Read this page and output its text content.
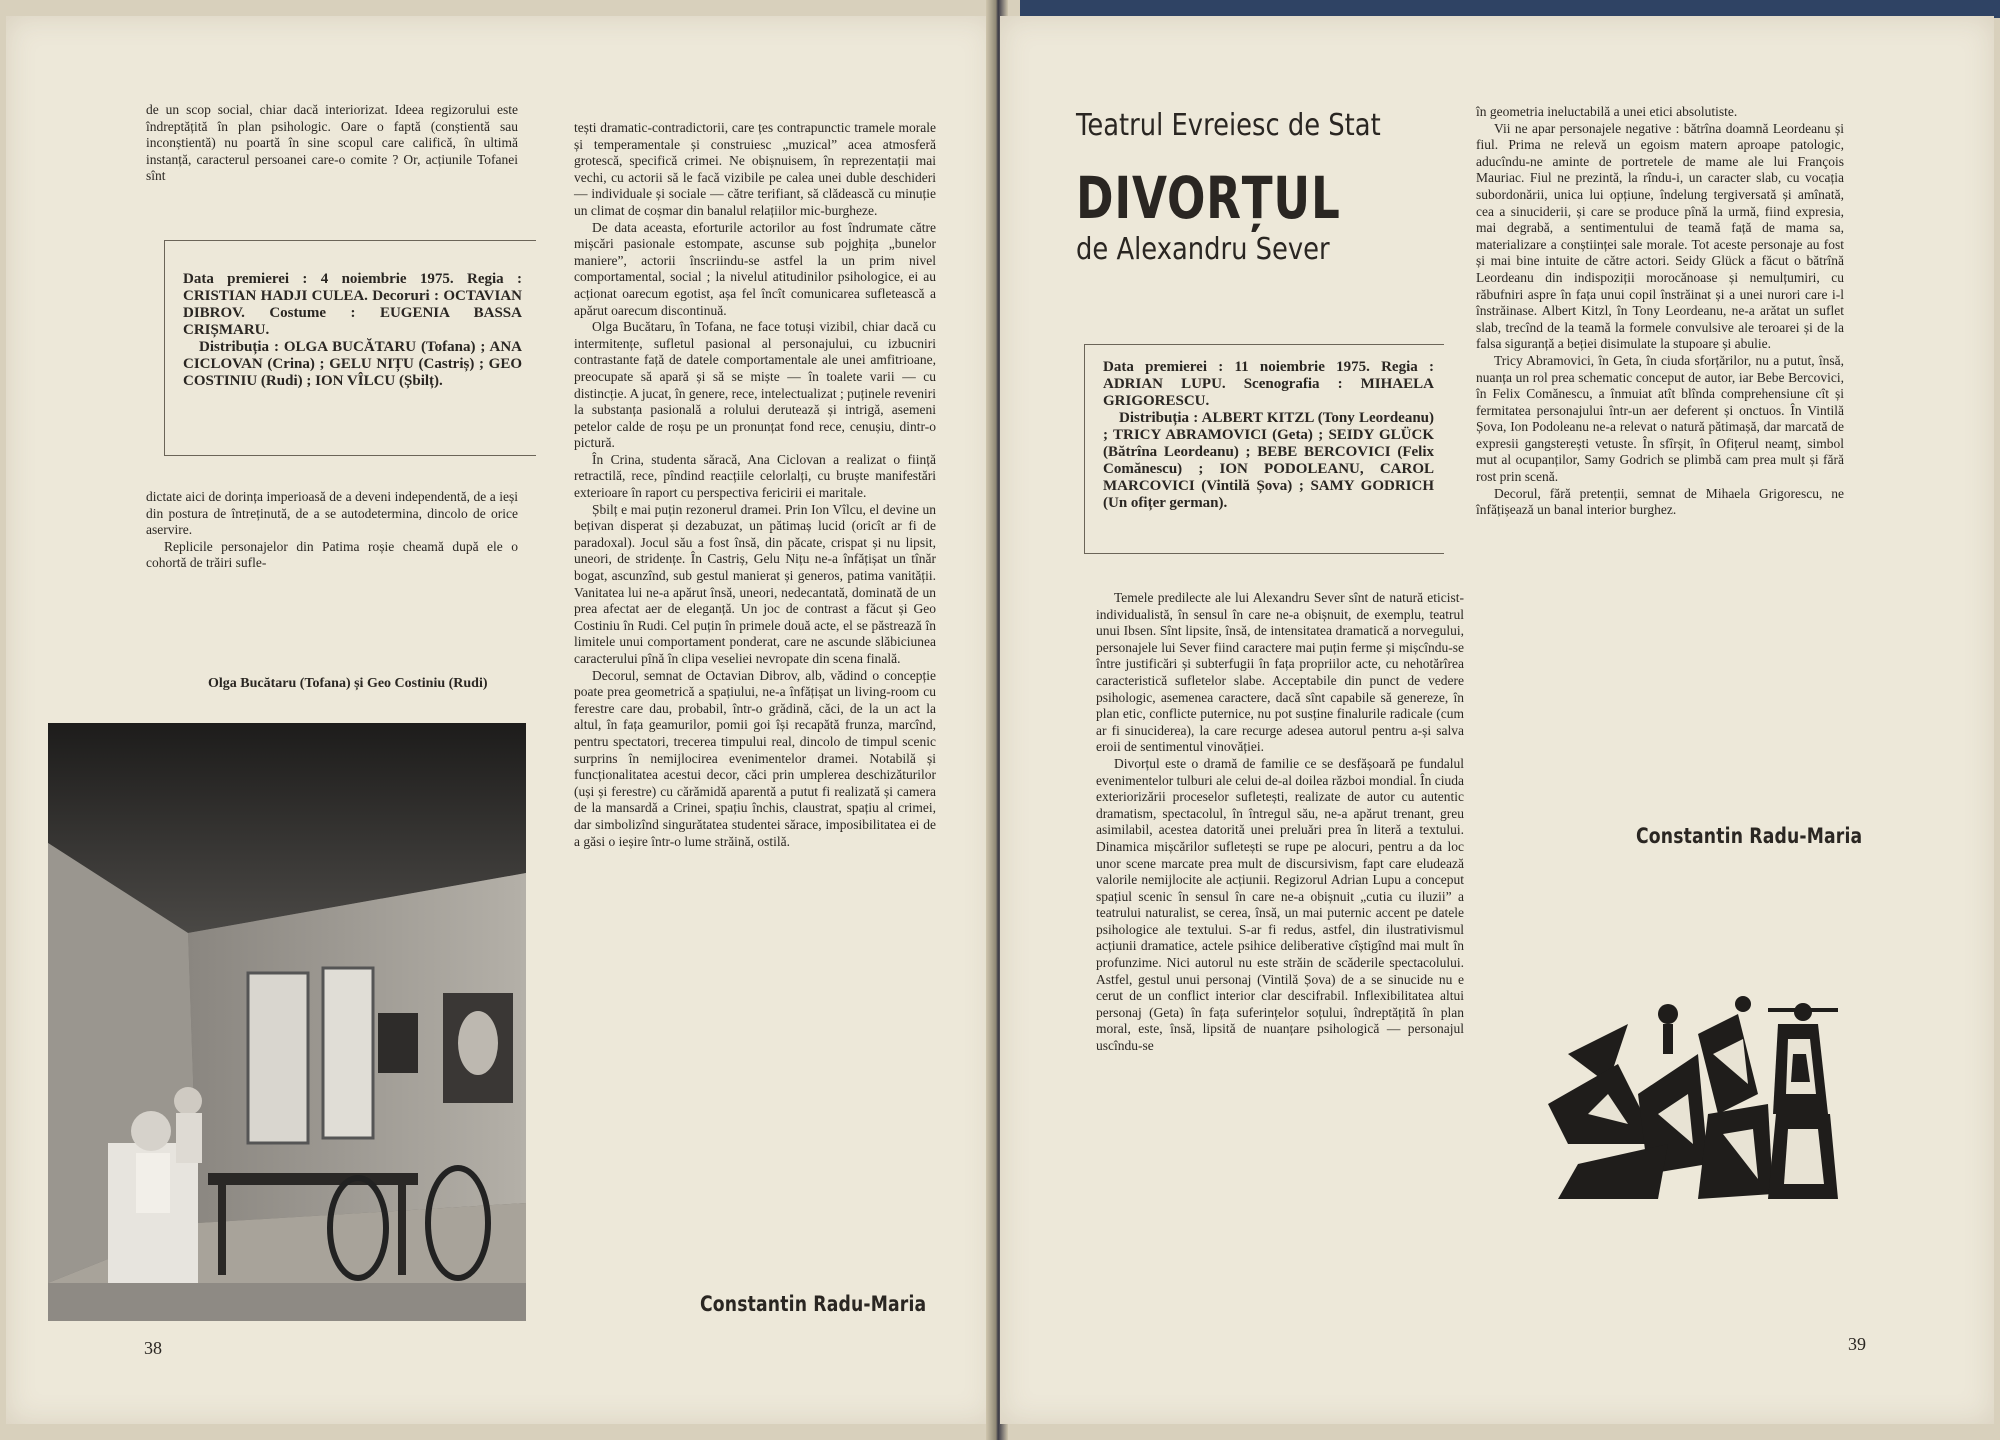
de un scop social, chiar dacă interiorizat. Ideea regizorului este îndreptățită în plan psihologic. Oare o faptă (conștientă sau inconștientă) nu poartă în sine scopul care califică, în ultimă instanță, caracterul persoanei care-o comite ? Or, acțiunile Tofanei sînt

Data premierei : 4 noiembrie 1975. Regia : CRISTIAN HADJI CULEA. Decoruri : OCTAVIAN DIBROV. Costume : EUGENIA BASSA CRIȘMARU.

Distribuția : OLGA BUCĂTARU (Tofana) ; ANA CICLOVAN (Crina) ; GELU NIȚU (Castriș) ; GEO COSTINIU (Rudi) ; ION VÎLCU (Șbilț).

dictate aici de dorința imperioasă de a deveni independentă, de a ieși din postura de întreținută, de a se autodetermina, dincolo de orice aservire.

Replicile personajelor din Patima roșie cheamă după ele o cohortă de trăiri sufle-

Olga Bucătaru (Tofana) și Geo Costiniu (Rudi)

tești dramatic-contradictorii, care țes contrapunctic tramele morale și temperamentale și construiesc „muzical” acea atmosferă grotescă, specifică crimei. Ne obișnuisem, în reprezentații mai vechi, cu actorii să le facă vizibile pe calea unei duble deschideri — individuale și sociale — către terifiant, să clădească cu minuție un climat de coșmar din banalul relațiilor mic-burgheze.

De data aceasta, eforturile actorilor au fost îndrumate către mișcări pasionale estompate, ascunse sub pojghița „bunelor maniere”, actorii înscriindu-se astfel la un prim nivel comportamental, social ; la nivelul atitudinilor psihologice, ei au acționat oarecum egotist, așa fel încît comunicarea sufletească a apărut oarecum discontinuă.

Olga Bucătaru, în Tofana, ne face totuși vizibil, chiar dacă cu intermitențe, sufletul pasional al personajului, cu izbucniri contrastante față de datele comportamentale ale unei amfitrioane, preocupate să apară și să se miște — în toalete varii — cu distincție. A jucat, în genere, rece, intelectualizat ; puținele reveniri la substanța pasională a rolului derutează și intrigă, asemeni petelor calde de roșu pe un pronunțat fond rece, cenușiu, dintr-o pictură.

În Crina, studenta săracă, Ana Ciclovan a realizat o ființă retractilă, rece, pîndind reacțiile celorlalți, cu bruște manifestări exterioare în raport cu perspectiva fericirii ei maritale.

Șbilț e mai puțin rezonerul dramei. Prin Ion Vîlcu, el devine un bețivan disperat și dezabuzat, un pătimaș lucid (oricît ar fi de paradoxal). Jocul său a fost însă, din păcate, crispat și nu lipsit, uneori, de stridențe. În Castriș, Gelu Nițu ne-a înfățișat un tînăr bogat, ascunzînd, sub gestul manierat și generos, patima vanității. Vanitatea lui ne-a apărut însă, uneori, nedecantată, dominată de un prea afectat aer de eleganță. Un joc de contrast a făcut și Geo Costiniu în Rudi. Cel puțin în primele două acte, el se păstrează în limitele unui comportament ponderat, care ne ascunde slăbiciunea caracterului pînă în clipa veseliei nevropate din scena finală.

Decorul, semnat de Octavian Dibrov, alb, vădind o concepție poate prea geometrică a spațiului, ne-a înfățișat un living-room cu ferestre care dau, probabil, într-o grădină, căci, de la un act la altul, în fața geamurilor, pomii goi își recapătă frunza, marcînd, pentru spectatori, trecerea timpului real, dincolo de timpul scenic surprins în nemijlocirea evenimentelor dramei. Notabilă și funcționalitatea acestui decor, căci prin umplerea deschizăturilor (uși și ferestre) cu cărămidă aparentă a putut fi realizată și camera de la mansardă a Crinei, spațiu închis, claustrat, spațiu al crimei, dar simbolizînd singurătatea studentei sărace, imposibilitatea ei de a găsi o ieșire într-o lume străină, ostilă.

Constantin Radu-Maria
38
Teatrul Evreiesc de Stat
DIVORȚUL
de Alexandru Sever

Data premierei : 11 noiembrie 1975. Regia : ADRIAN LUPU. Scenografia : MIHAELA GRIGORESCU.

Distribuția : ALBERT KITZL (Tony Leordeanu) ; TRICY ABRAMOVICI (Geta) ; SEIDY GLÜCK (Bătrîna Leordeanu) ; BEBE BERCOVICI (Felix Comănescu) ; ION PODOLEANU, CAROL MARCOVICI (Vintilă Șova) ; SAMY GODRICH (Un ofițer german).

Temele predilecte ale lui Alexandru Sever sînt de natură eticist-individualistă, în sensul în care ne-a obișnuit, de exemplu, teatrul unui Ibsen. Sînt lipsite, însă, de intensitatea dramatică a norvegului, personajele lui Sever fiind caractere mai puțin ferme și mișcîndu-se între justificări și subterfugii în fața propriilor acte, cu nehotărîrea caracteristică sufletelor slabe. Acceptabile din punct de vedere psihologic, asemenea caractere, dacă sînt capabile să genereze, în plan etic, conflicte puternice, nu pot susține finalurile radicale (cum ar fi sinuciderea), la care recurge adesea autorul pentru a-și salva eroii de sentimentul vinovăției.

Divorțul este o dramă de familie ce se desfășoară pe fundalul evenimentelor tulburi ale celui de-al doilea război mondial. În ciuda exteriorizării proceselor sufletești, realizate de autor cu autentic dramatism, spectacolul, în întregul său, ne-a apărut trenant, greu asimilabil, acestea datorită unei preluări prea în literă a textului. Dinamica mișcărilor sufletești se rupe pe alocuri, pentru a da loc unor scene marcate prea mult de discursivism, fapt care eludează valorile nemijlocite ale acțiunii. Regizorul Adrian Lupu a conceput spațiul scenic în sensul în care ne-a obișnuit „cutia cu iluzii” a teatrului naturalist, se cerea, însă, un mai puternic accent pe datele psihologice ale textului. S-ar fi redus, astfel, din ilustrativismul acțiunii dramatice, actele psihice deliberative cîștigînd mai mult în profunzime. Nici autorul nu este străin de scăderile spectacolului. Astfel, gestul unui personaj (Vintilă Șova) de a se sinucide nu e cerut de un conflict interior clar descifrabil. Inflexibilitatea altui personaj (Geta) în fața suferințelor soțului, îndreptățită în plan moral, este, însă, lipsită de nuanțare psihologică — personajul uscîndu-se

în geometria ineluctabilă a unei etici absolutiste.

Vii ne apar personajele negative : bătrîna doamnă Leordeanu și fiul. Prima ne relevă un egoism matern aproape patologic, aducîndu-ne aminte de portretele de mame ale lui François Mauriac. Fiul ne prezintă, la rîndu-i, un caracter slab, cu vocația subordonării, unica lui opțiune, îndelung tergiversată și amînată, cea a sinuciderii, și care se produce pînă la urmă, fiind expresia, mai degrabă, a sentimentului de teamă față de mama sa, materializare a conștiinței sale morale. Tot aceste personaje au fost și mai bine intuite de către actori. Seidy Glück a făcut o bătrînă Leordeanu din indispoziții morocănoase și nemulțumiri, cu răbufniri aspre în fața unui copil înstrăinat și a unei nurori care i-l înstrăinase. Albert Kitzl, în Tony Leordeanu, ne-a arătat un suflet slab, trecînd de la teamă la formele convulsive ale teroarei și de la falsa siguranță a beției disimulate la stupoare și abulie.

Tricy Abramovici, în Geta, în ciuda sforțărilor, nu a putut, însă, nuanța un rol prea schematic conceput de autor, iar Bebe Bercovici, în Felix Comănescu, a înmuiat atît blînda comprehensiune cît și fermitatea personajului într-un aer deferent și onctuos. În Vintilă Șova, Ion Podoleanu ne-a relevat o natură pătimașă, dar marcată de expresii gangsterești vetuste. În sfîrșit, în Ofițerul neamț, simbol mut al ocupanților, Samy Godrich se plimbă cam prea mult și fără rost prin scenă.

Decorul, fără pretenții, semnat de Mihaela Grigorescu, ne înfățișează un banal interior burghez.

Constantin Radu-Maria
39
